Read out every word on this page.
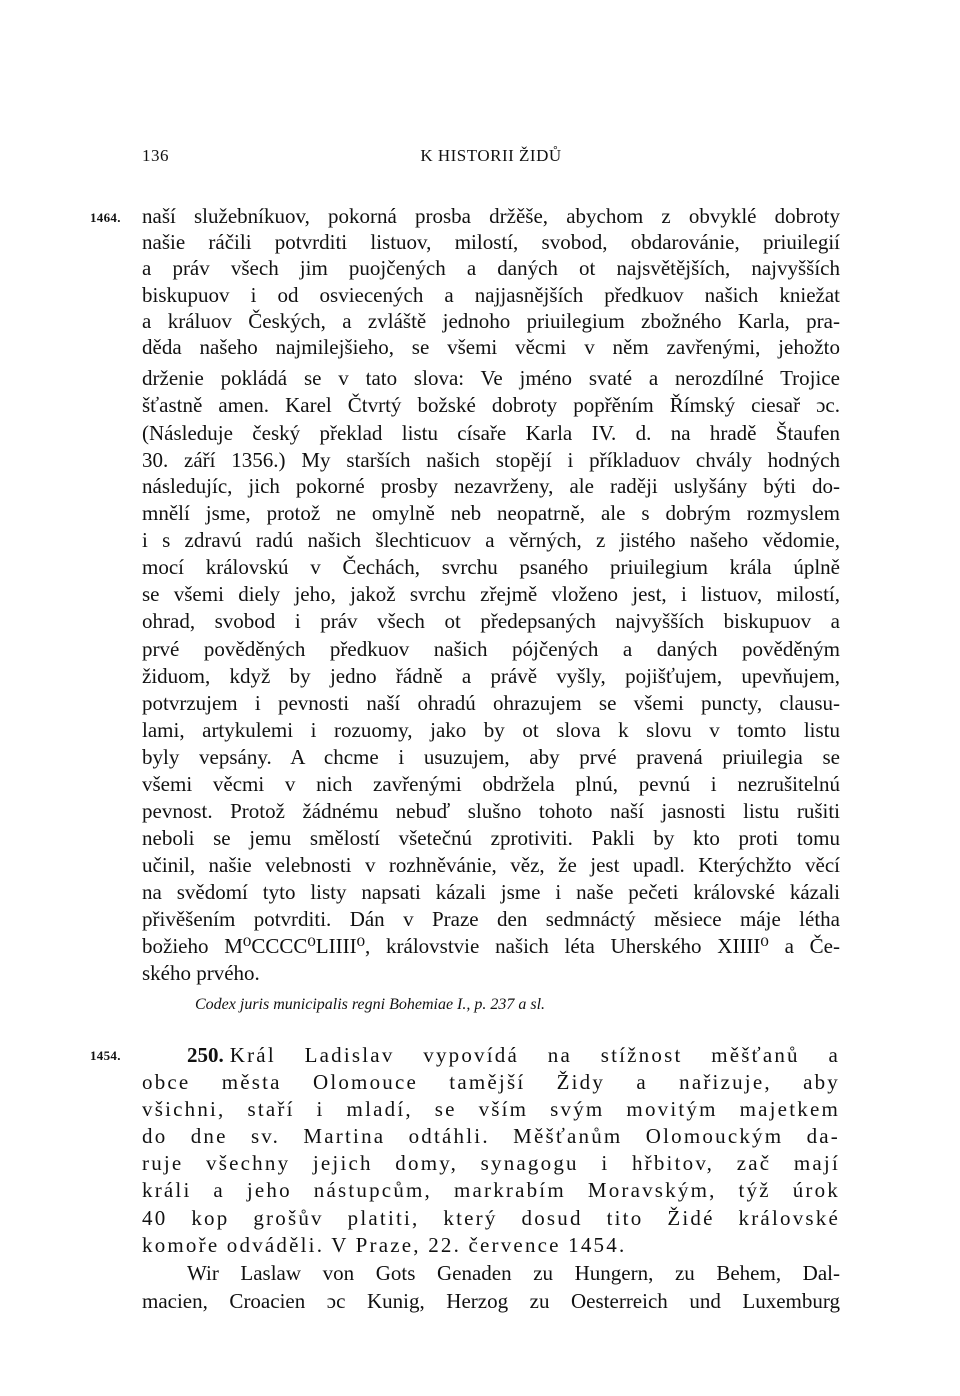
136	K HISTORII ŽIDŮ
1464. naší služebníkuov, pokorná prosba držěše, abychom z obvyklé dobroty
našie ráčili potvrditi listuov, milostí, svobod, obdarovánie, priuilegií
a práv všech jim puojčených a daných ot najsvětějších, najvyšších
biskupuov i od osviecených a najjasnějších předkuov našich kniežat
a králuov Českých, a zvláště jednoho priuilegium zbožného Karla, pra-
děda našeho najmilejšieho, se všemi věcmi v něm zavřenými, jehožto
drženie pokládá se v tato slova: Ve jméno svaté a nerozdílné Trojice
šťastně amen. Karel Čtvrtý božské dobroty popřěním Římský ciesař ɔc.
(Následuje český překlad listu císaře Karla IV. d. na hradě Štaufen
30. září 1356.) My starších našich stopějí i příkladuov chvály hodných
následujíc, jich pokorné prosby nezavrženy, ale raději uslyšány býti do-
mnělí jsme, protož ne omylně neb neopatrně, ale s dobrým rozmyslem
i s zdravú radú našich šlechticuov a věrných, z jistého našeho vědomie,
mocí královskú v Čechách, svrchu psaného priuilegium krála úplně
se všemi diely jeho, jakož svrchu zřejmě vloženo jest, i listuov, milostí,
ohrad, svobod i práv všech ot předepsaných najvyšších biskupuov a
prvé pověděných předkuov našich pójčených a daných pověděným
židuom, když by jedno řádně a právě vyšly, pojišťujem, upevňujem,
potvrzujem i pevnosti naší ohradú ohrazujem se všemi puncty, clausu-
lami, artykulemi i rozuomy, jako by ot slova k slovu v tomto listu
byly vepsány. A chcme i usuzujem, aby prvé pravená priuilegia se
všemi věcmi v nich zavřenými obdržela plnú, pevnú i nezrušitelnú
pevnost. Protož žádnému nebuď slušno tohoto naší jasnosti listu rušiti
neboli se jemu smělostí všetečnú zprotiviti. Pakli by kto proti tomu
učinil, našie velebnosti v rozhněvánie, věz, že jest upadl. Kterýchžto věcí
na svědomí tyto listy napsati kázali jsme i naše pečeti královské kázali
přivěšením potvrditi. Dán v Praze den sedmnáctý měsiece máje létha
božieho M⁰CCCC⁰LIIII⁰, královstvie našich léta Uherského XIIII⁰ a Če-
ského prvého.
Codex juris municipalis regni Bohemiae I., p. 237 a sl.
1454.	250. Král Ladislav vypovídá na stížnost měšťanů a
obce města Olomouce tamější Židy a nařizuje, aby
všichni, staří i mladí, se vším svým movitým majetkem
do dne sv. Martina odtáhli. Měšťanům Olomouckým da-
ruje všechny jejich domy, synagogu i hřbitov, zač mají
králi a jeho nástupcům, markrabím Moravským, týž úrok
40 kop grošův platiti, který dosud tito Židé královské
komoře odváděli. V Praze, 22. července 1454.
Wir Laslaw von Gots Genaden zu Hungern, zu Behem, Dal-
macien, Croacien ɔc Kunig, Herzog zu Oesterreich und Luxemburg
